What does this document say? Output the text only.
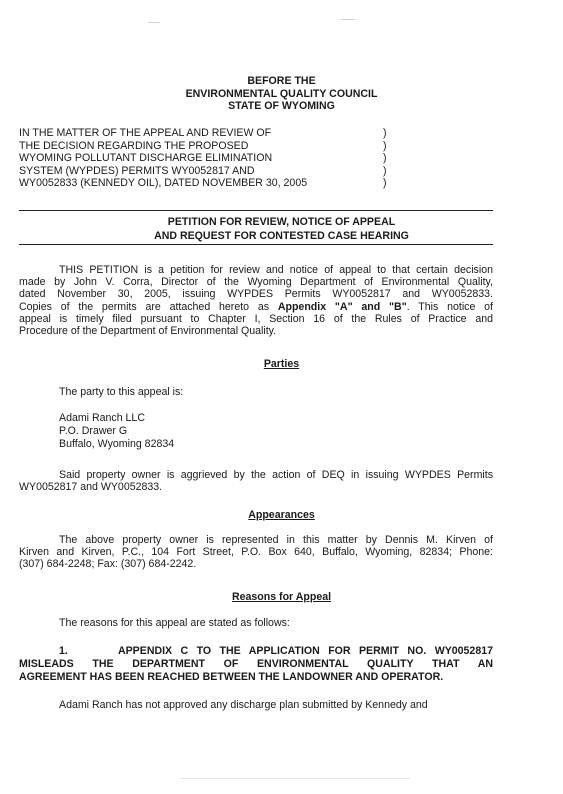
BEFORE THE
ENVIRONMENTAL QUALITY COUNCIL
STATE OF WYOMING
IN THE MATTER OF THE APPEAL AND REVIEW OF	)
THE DECISION REGARDING THE PROPOSED	)
WYOMING POLLUTANT DISCHARGE ELIMINATION	)
SYSTEM (WYPDES) PERMITS WY0052817 AND	)
WY0052833 (KENNEDY OIL), DATED NOVEMBER 30, 2005	)
PETITION FOR REVIEW, NOTICE OF APPEAL
AND REQUEST FOR CONTESTED CASE HEARING
THIS PETITION is a petition for review and notice of appeal to that certain decision
made by John V. Corra, Director of the Wyoming Department of Environmental Quality,
dated November 30, 2005, issuing WYPDES Permits WY0052817 and WY0052833.
Copies of the permits are attached hereto as Appendix "A" and "B". This notice of
appeal is timely filed pursuant to Chapter I, Section 16 of the Rules of Practice and
Procedure of the Department of Environmental Quality.
Parties
The party to this appeal is:
Adami Ranch LLC
P.O. Drawer G
Buffalo, Wyoming 82834
Said property owner is aggrieved by the action of DEQ in issuing WYPDES Permits
WY0052817 and WY0052833.
Appearances
The above property owner is represented in this matter by Dennis M. Kirven of
Kirven and Kirven, P.C., 104 Fort Street, P.O. Box 640, Buffalo, Wyoming, 82834; Phone:
(307) 684-2248; Fax: (307) 684-2242.
Reasons for Appeal
The reasons for this appeal are stated as follows:
1.      APPENDIX C TO THE APPLICATION FOR PERMIT NO. WY0052817
MISLEADS THE DEPARTMENT OF ENVIRONMENTAL QUALITY THAT AN
AGREEMENT HAS BEEN REACHED BETWEEN THE LANDOWNER AND OPERATOR.
Adami Ranch has not approved any discharge plan submitted by Kennedy and
